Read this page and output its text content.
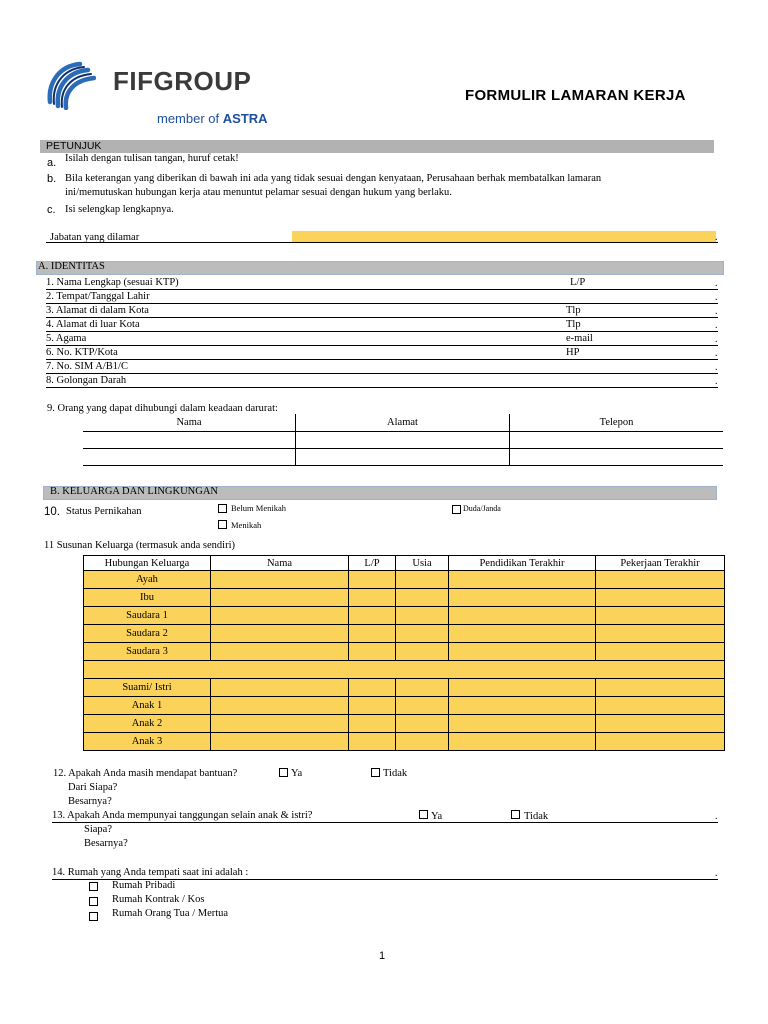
FIFGROUP
member of ASTRA
FORMULIR LAMARAN KERJA
PETUNJUK
a. Isilah dengan tulisan tangan, huruf cetak!
b. Bila keterangan yang diberikan di bawah ini ada yang tidak sesuai dengan kenyataan, Perusahaan berhak membatalkan lamaran
ini/memutuskan hubungan kerja atau menuntut pelamar sesuai dengan hukum yang berlaku.
c. Isi selengkap lengkapnya.
Jabatan yang dilamar	.
A. IDENTITAS
1. Nama Lengkap (sesuai KTP)	L/P	.
2. Tempat/Tanggal Lahir	.
3. Alamat di dalam Kota	Tlp	.
4. Alamat di luar Kota	Tlp	.
5. Agama	e-mail	.
6. No. KTP/Kota	HP	.
7. No. SIM A/B1/C	.
8. Golongan Darah	.
9. Orang yang dapat dihubungi dalam keadaan darurat:
Nama	Alamat	Telepon

B. KELUARGA DAN LINGKUNGAN
10. Status Pernikahan	Belum Menikah
Menikah
Duda/Janda
11 Susunan Keluarga (termasuk anda sendiri)
Hubungan Keluarga	Nama	L/P	Usia	Pendidikan Terakhir	Pekerjaan Terakhir
Ayah					
Ibu					
Saudara 1					
Saudara 2					
Saudara 3					

Suami/ Istri					
Anak 1					
Anak 2					
Anak 3					
12. Apakah Anda masih mendapat bantuan?	Ya	Tidak
Dari Siapa?
Besarnya?
13. Apakah Anda mempunyai tanggungan selain anak & istri?	Ya	Tidak	.
Siapa?
Besarnya?
14. Rumah yang Anda tempati saat ini adalah :	.
Rumah Pribadi
Rumah Kontrak / Kos
Rumah Orang Tua / Mertua
1
